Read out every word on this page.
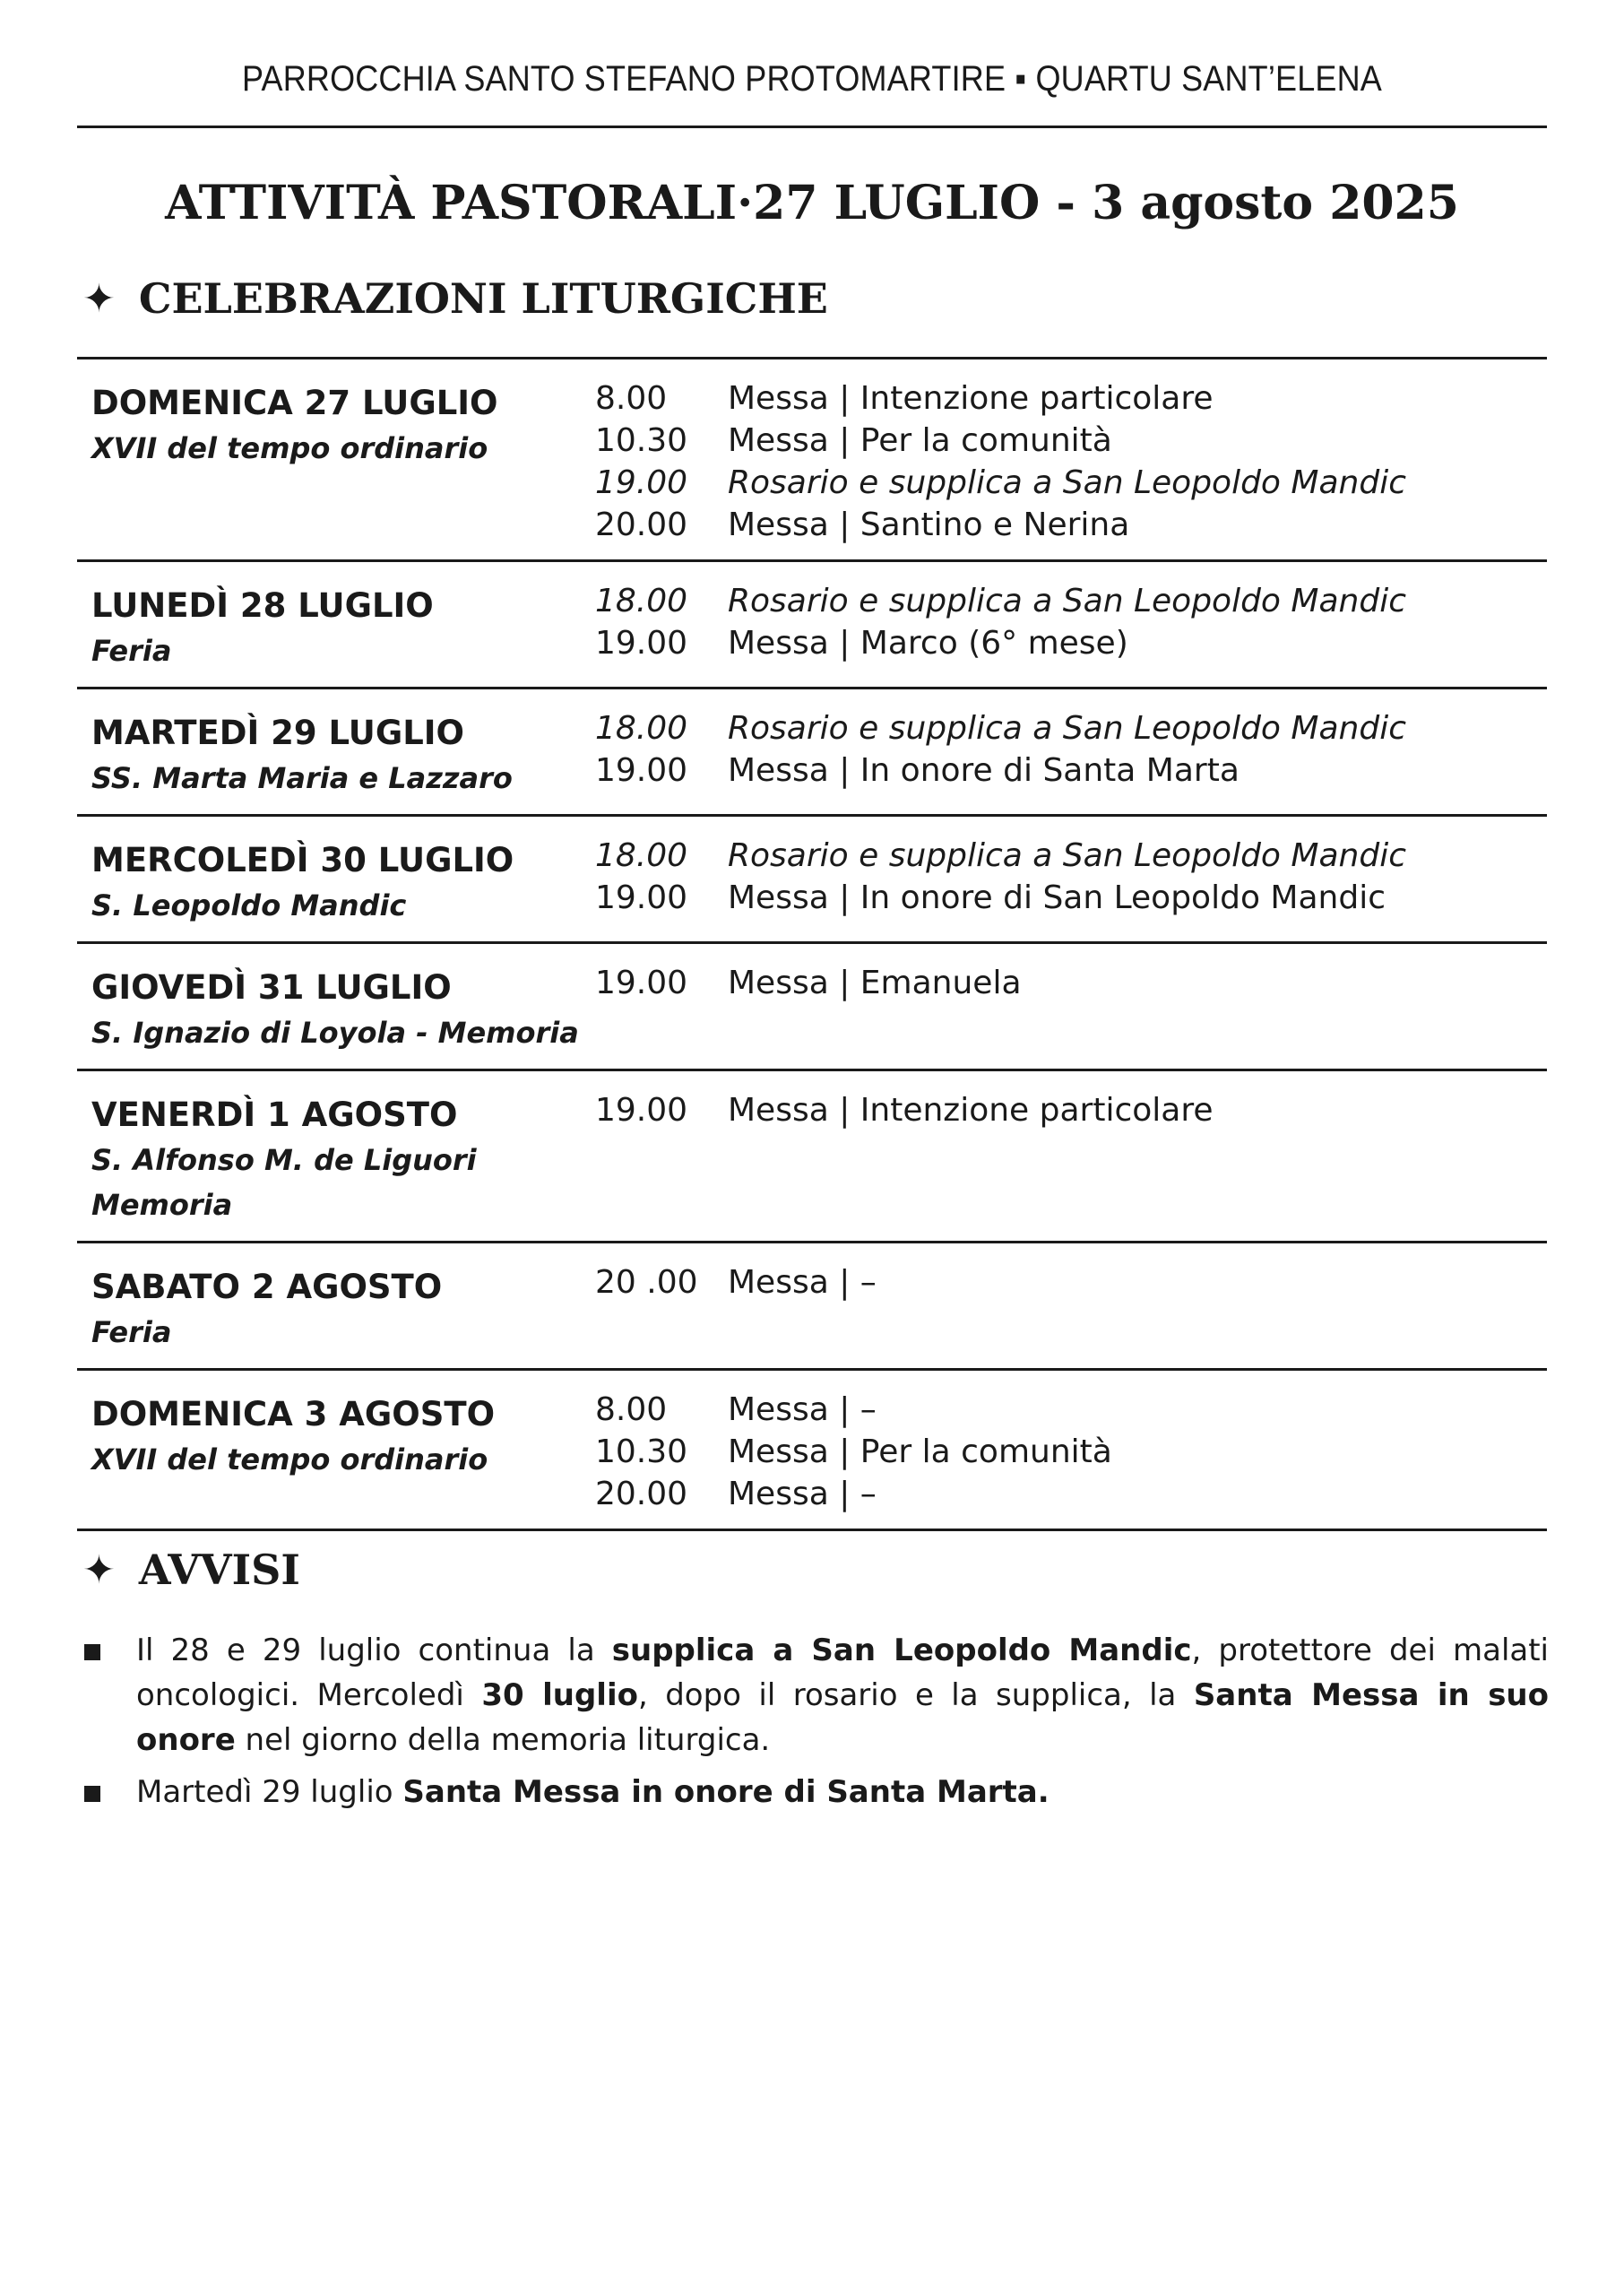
PARROCCHIA SANTO STEFANO PROTOMARTIRE ▪ QUARTU SANT’ELENA
ATTIVITÀ PASTORALI·27 LUGLIO - 3 agosto 2025
✦ CELEBRAZIONI LITURGICHE
DOMENICA 27 LUGLIO
XVII del tempo ordinario
8.00	Messa | Intenzione particolare
10.30	Messa | Per la comunità
19.00	Rosario e supplica a San Leopoldo Mandic
20.00	Messa | Santino e Nerina
LUNEDÌ 28 LUGLIO
Feria
18.00	Rosario e supplica a San Leopoldo Mandic
19.00	Messa | Marco (6° mese)
MARTEDÌ 29 LUGLIO
SS. Marta Maria e Lazzaro
18.00	Rosario e supplica a San Leopoldo Mandic
19.00	Messa | In onore di Santa Marta
MERCOLEDÌ 30 LUGLIO
S. Leopoldo Mandic
18.00	Rosario e supplica a San Leopoldo Mandic
19.00	Messa | In onore di San Leopoldo Mandic
GIOVEDÌ 31 LUGLIO
S. Ignazio di Loyola - Memoria
19.00	Messa | Emanuela
VENERDÌ 1 AGOSTO
S. Alfonso M. de Liguori
Memoria
19.00	Messa | Intenzione particolare
SABATO 2 AGOSTO
Feria
20 .00 Messa | –
DOMENICA 3 AGOSTO
XVII del tempo ordinario
8.00	Messa | –
10.30	Messa | Per la comunità
20.00	Messa | –
✦ AVVISI
Il 28 e 29 luglio continua la supplica a San Leopoldo Mandic, protettore dei malati oncologici. Mercoledì 30 luglio, dopo il rosario e la supplica, la Santa Messa in suo onore nel giorno della memoria liturgica.
Martedì 29 luglio Santa Messa in onore di Santa Marta.
